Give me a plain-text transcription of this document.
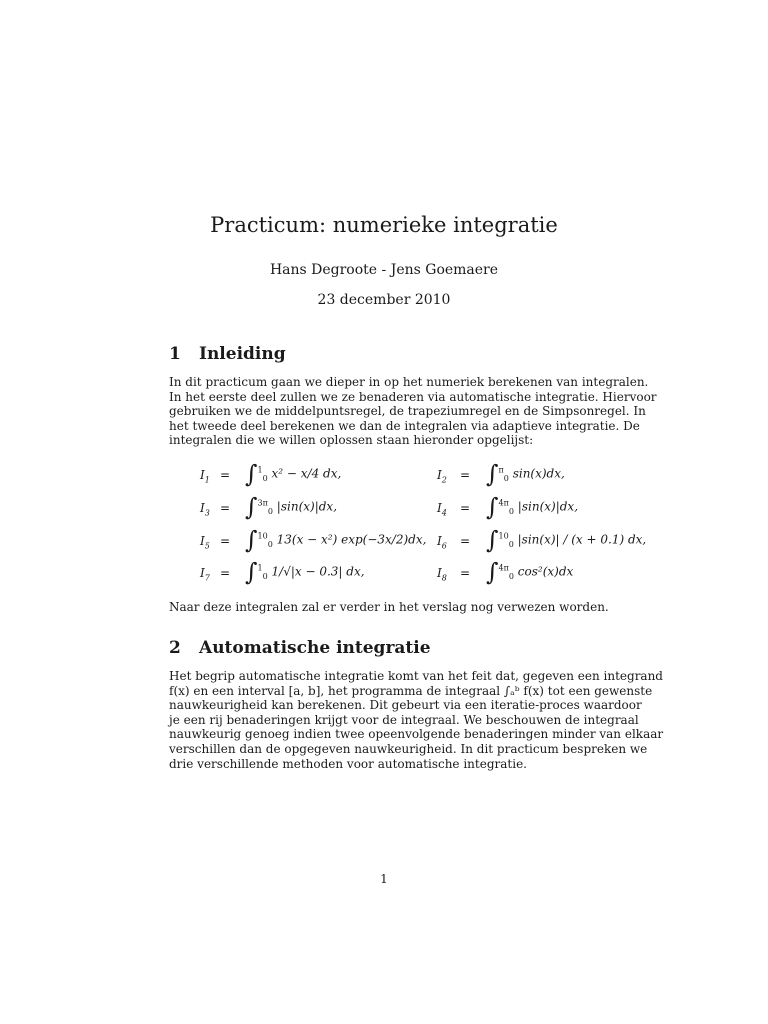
Practicum: numerieke integratie
Hans Degroote - Jens Goemaere
23 december 2010
1 Inleiding
In dit practicum gaan we dieper in op het numeriek berekenen van integralen.
In het eerste deel zullen we ze benaderen via automatische integratie. Hiervoor
gebruiken we de middelpuntsregel, de trapeziumregel en de Simpsonregel. In
het tweede deel berekenen we dan de integralen via adaptieve integratie. De
integralen die we willen oplossen staan hieronder opgelijst:
$I_1 = \int^1_0$ x² − x/4 dx,	$I_2 = \int^\pi_0$ sin(x)dx,
$I_3 = \int^{3\pi}_0$ |sin(x)|dx,	$I_4 = \int^{4\pi}_0$ |sin(x)|dx,
$I_5 = \int^{10}_0$ 13(x − x²) exp(−3x/2)dx, $I_6 = \int^{10}_0$ |sin(x)| / (x + 0.1) dx,
$I_7 = \int^1_0$ 1/√|x − 0.3| dx,	$I_8 = \int^{4\pi}_0$ cos²(x)dx
Naar deze integralen zal er verder in het verslag nog verwezen worden.
2 Automatische integratie
Het begrip automatische integratie komt van het feit dat, gegeven een integrand
f(x) en een interval [a, b], het programma de integraal ∫ₐᵇ f(x) tot een gewenste
nauwkeurigheid kan berekenen. Dit gebeurt via een iteratie-proces waardoor
je een rij benaderingen krijgt voor de integraal. We beschouwen de integraal
nauwkeurig genoeg indien twee opeenvolgende benaderingen minder van elkaar
verschillen dan de opgegeven nauwkeurigheid. In dit practicum bespreken we
drie verschillende methoden voor automatische integratie.
1
